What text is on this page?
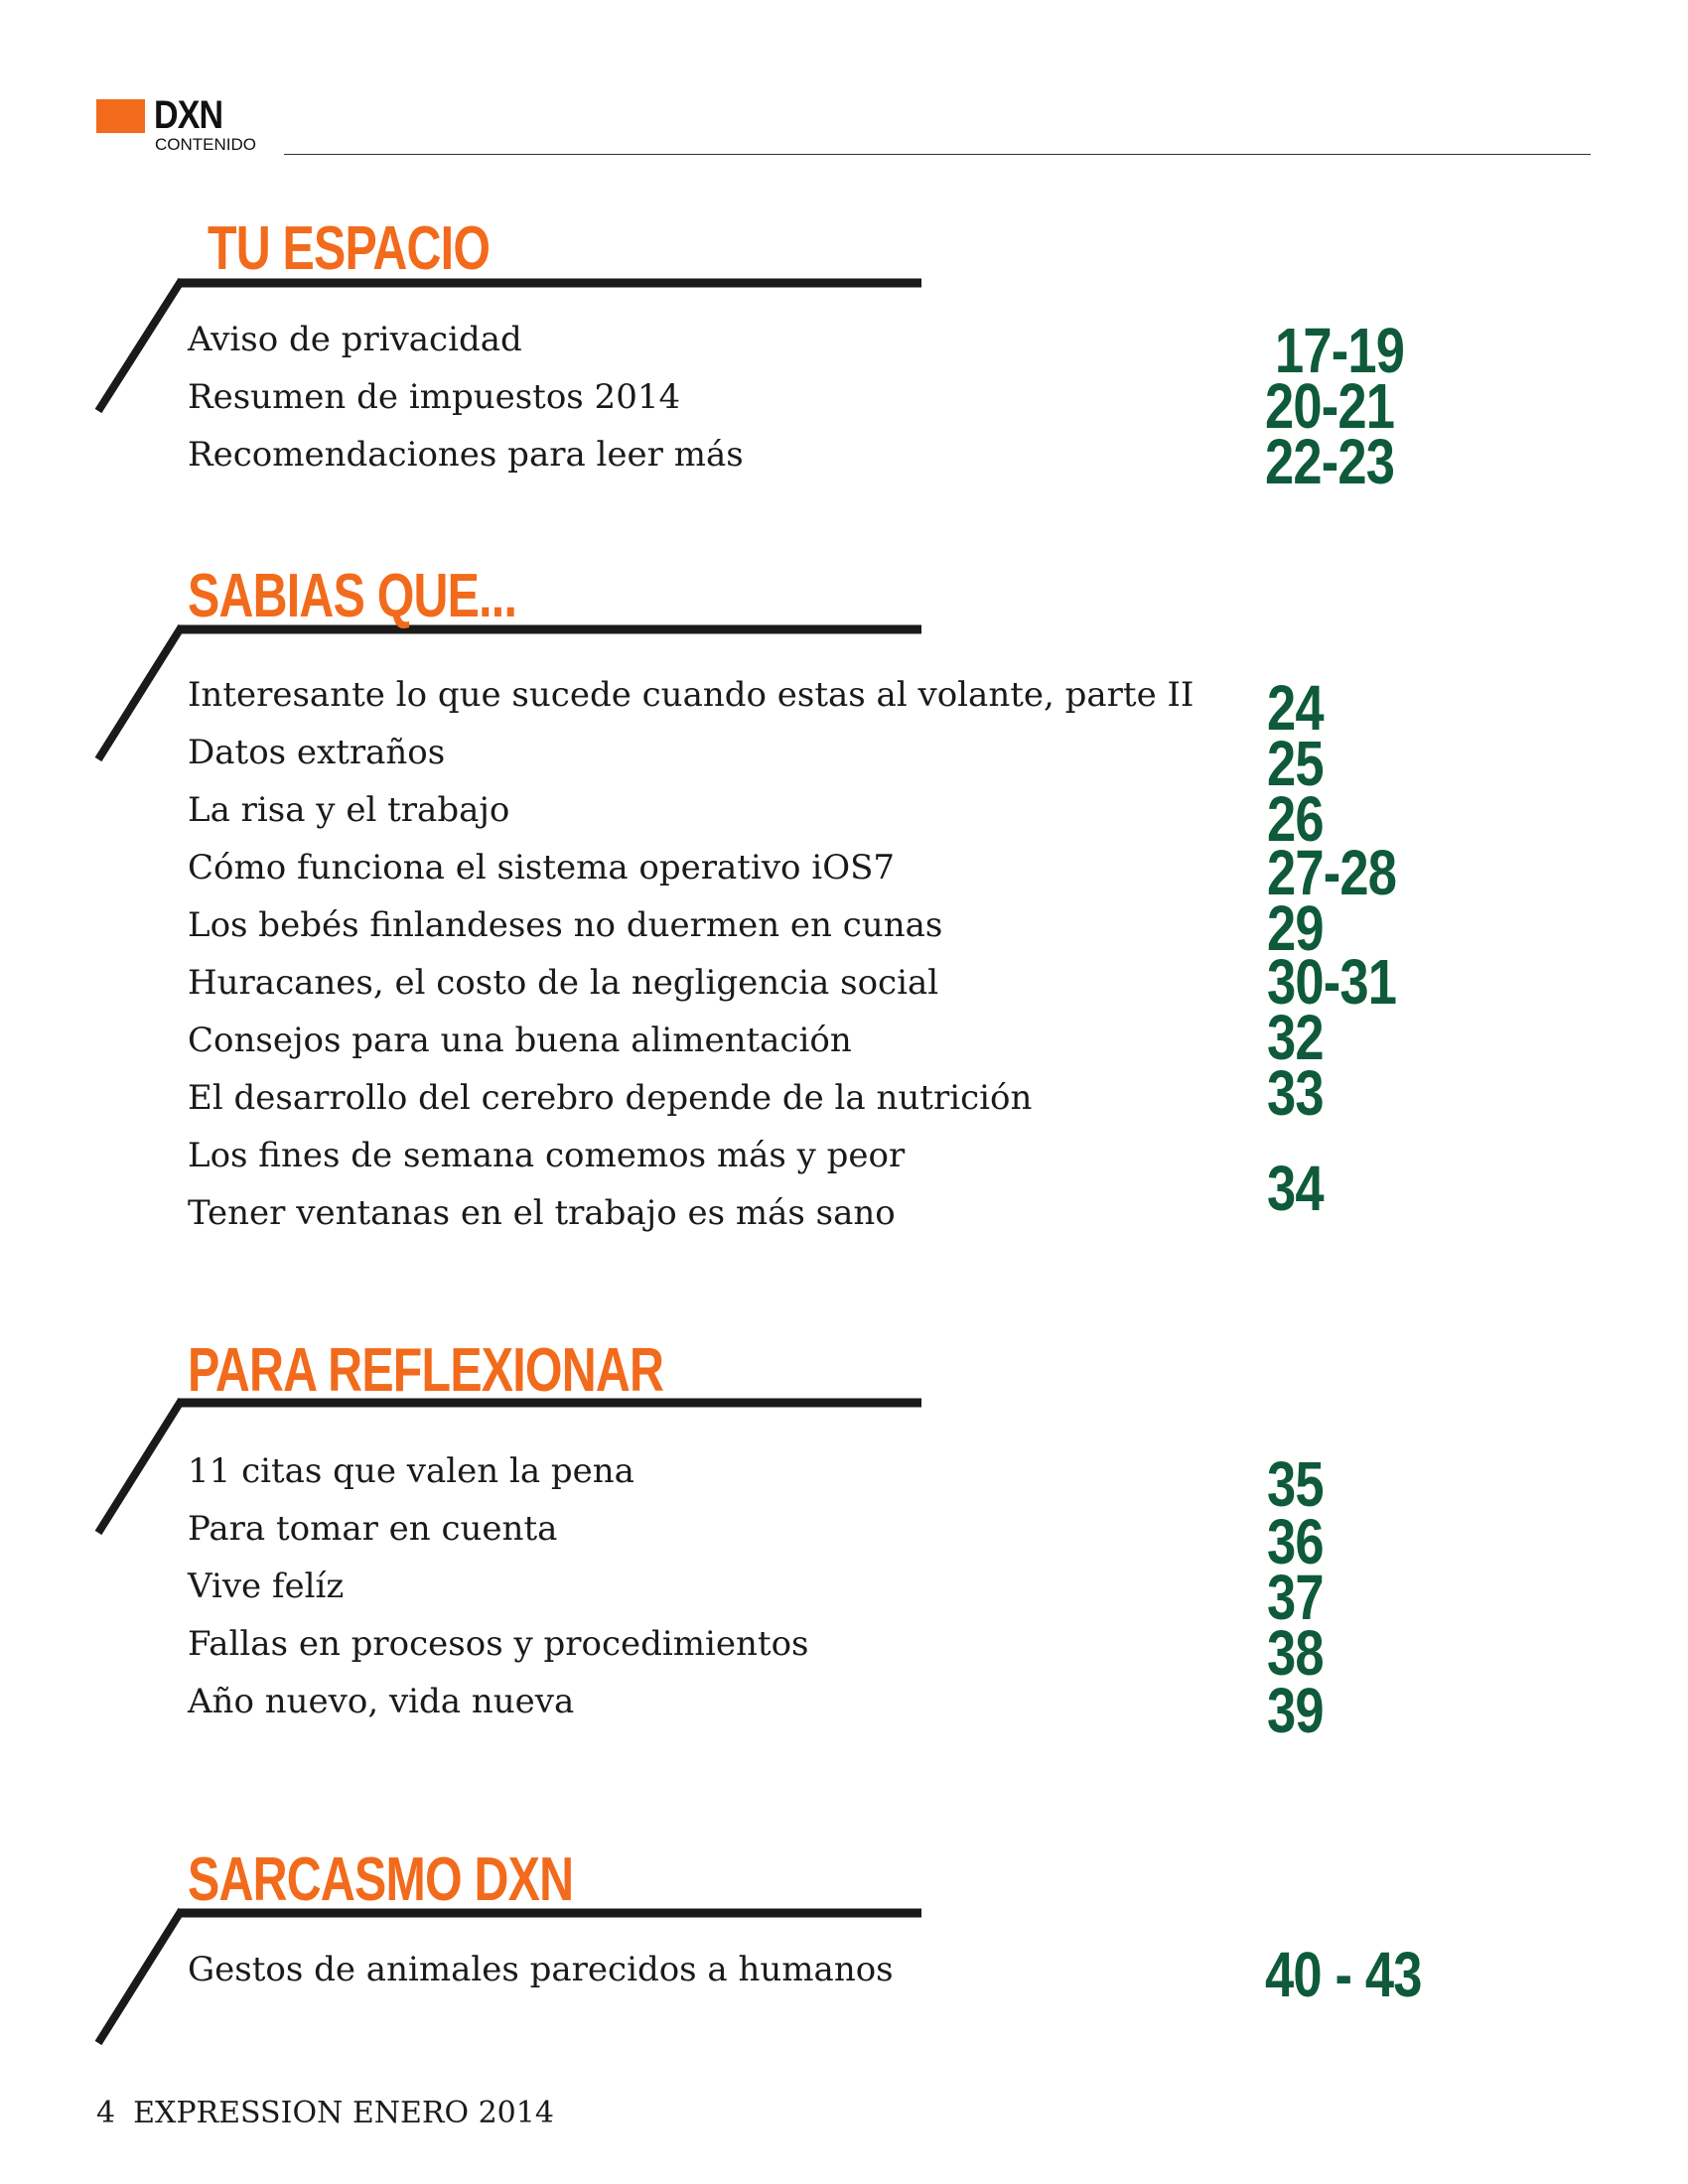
DXN
CONTENIDO
TU ESPACIO
Aviso de privacidad
Resumen de impuestos 2014
Recomendaciones para leer más
17-19
20-21
22-23
SABIAS QUE...
Interesante lo que sucede cuando estas al volante, parte II
Datos extraños
La risa y el trabajo
Cómo funciona el sistema operativo iOS7
Los bebés finlandeses no duermen en cunas
Huracanes, el costo de la negligencia social
Consejos para una buena alimentación
El desarrollo del cerebro depende de la nutrición
Los fines de semana comemos más y peor
Tener ventanas en el trabajo es más sano
24
25
26
27-28
29
30-31
32
33
34
PARA REFLEXIONAR
11 citas que valen la pena
Para tomar en cuenta
Vive felíz
Fallas en procesos y procedimientos
Año nuevo, vida nueva
35
36
37
38
39
SARCASMO DXN
Gestos de animales parecidos a humanos	40 - 43
4 EXPRESSION ENERO 2014
